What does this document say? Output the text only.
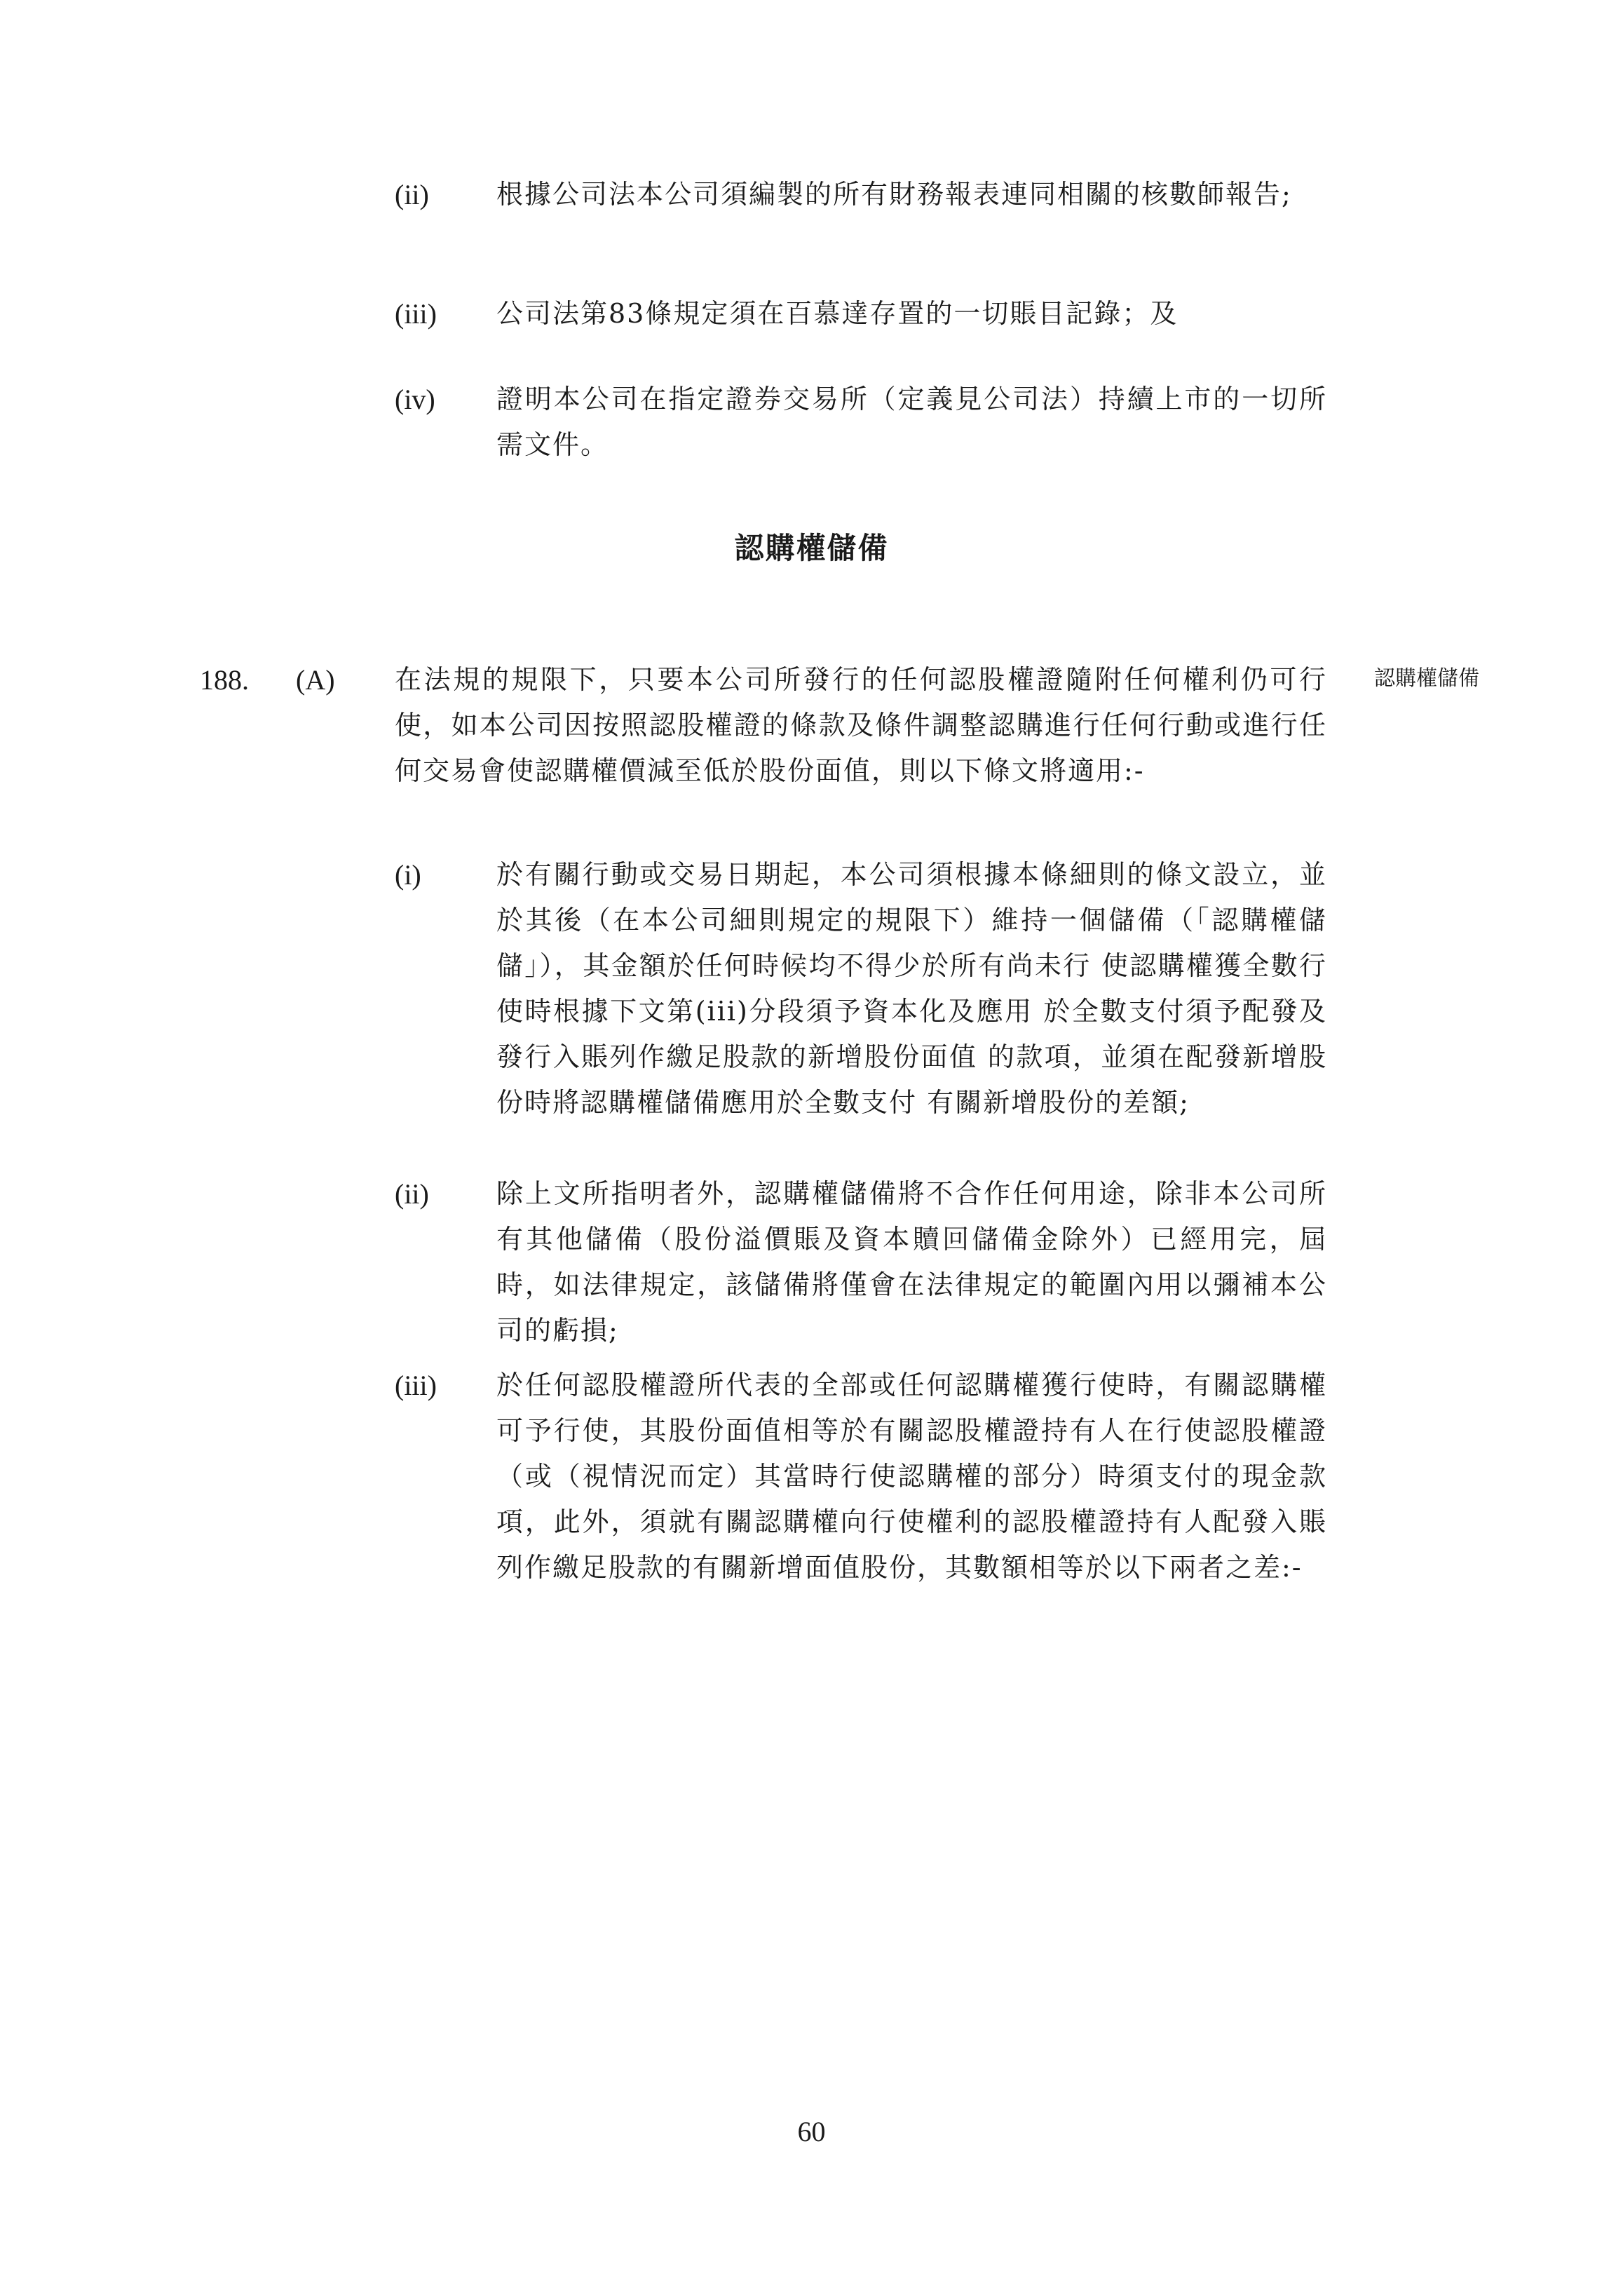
(ii)	根據公司法本公司須編製的所有財務報表連同相關的核數師報告;
(iii) 公司法第83條規定須在百慕達存置的一切賬目記錄；及
(iv) 證明本公司在指定證券交易所（定義見公司法）持續上市的一切所需文件。
認購權儲備
188. (A) 在法規的規限下，只要本公司所發行的任何認股權證隨附任何權利仍可行使，如本公司因按照認股權證的條款及條件調整認購進行任何行動或進行任何交易會使認購權價減至低於股份面值，則以下條文將適用:-
認購權儲備
(i)	於有關行動或交易日期起，本公司須根據本條細則的條文設立，並於其後（在本公司細則規定的規限下）維持一個儲備（「認購權儲儲」），其金額於任何時候均不得少於所有尚未行 使認購權獲全數行使時根據下文第(iii)分段須予資本化及應用 於全數支付須予配發及發行入賬列作繳足股款的新增股份面值 的款項，並須在配發新增股份時將認購權儲備應用於全數支付 有關新增股份的差額;
(ii)	除上文所指明者外，認購權儲備將不合作任何用途，除非本公司所有其他儲備（股份溢價賬及資本贖回儲備金除外）已經用完，屆時，如法律規定，該儲備將僅會在法律規定的範圍內用以彌補本公司的虧損;
(iii) 於任何認股權證所代表的全部或任何認購權獲行使時，有關認購權可予行使，其股份面值相等於有關認股權證持有人在行使認股權證（或（視情況而定）其當時行使認購權的部分）時須支付的現金款項，此外，須就有關認購權向行使權利的認股權證持有人配發入賬列作繳足股款的有關新增面值股份，其數額相等於以下兩者之差:-
60
